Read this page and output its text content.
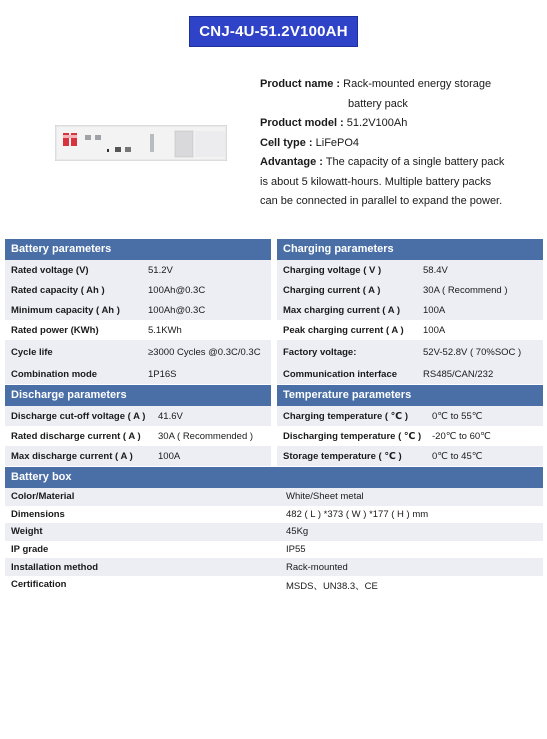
CNJ-4U-51.2V100AH
Product name : Rack-mounted energy storage
battery pack
Product model : 51.2V100Ah
Cell type : LiFePO4
Advantage : The capacity of a single battery pack
is about 5 kilowatt-hours. Multiple battery packs
can be connected in parallel to expand the power.
Battery parameters
Rated voltage (V)	51.2V
Rated capacity ( Ah )	100Ah@0.3C
Minimum capacity ( Ah )	100Ah@0.3C
Rated power (KWh)	5.1KWh
Cycle life	≥3000 Cycles @0.3C/0.3C
Combination mode	1P16S
Charging parameters
Charging voltage ( V )	58.4V
Charging current ( A )	30A ( Recommend )
Max charging current ( A )	100A
Peak charging current ( A )	100A
Factory voltage:	52V-52.8V ( 70%SOC )
Communication interface	RS485/CAN/232
Discharge parameters
Discharge cut-off voltage ( A )	41.6V
Rated discharge current ( A )	30A ( Recommended )
Max discharge current ( A )	100A
Temperature parameters
Charging temperature ( ℃ )	0℃ to 55℃
Discharging temperature ( ℃ )	-20℃ to 60℃
Storage temperature ( ℃ )	0℃ to 45℃
Battery box
Color/Material	White/Sheet metal
Dimensions	482 ( L ) *373 ( W ) *177 ( H ) mm
Weight	45Kg
IP grade	IP55
Installation method	Rack-mounted
Certification	MSDS、UN38.3、CE
